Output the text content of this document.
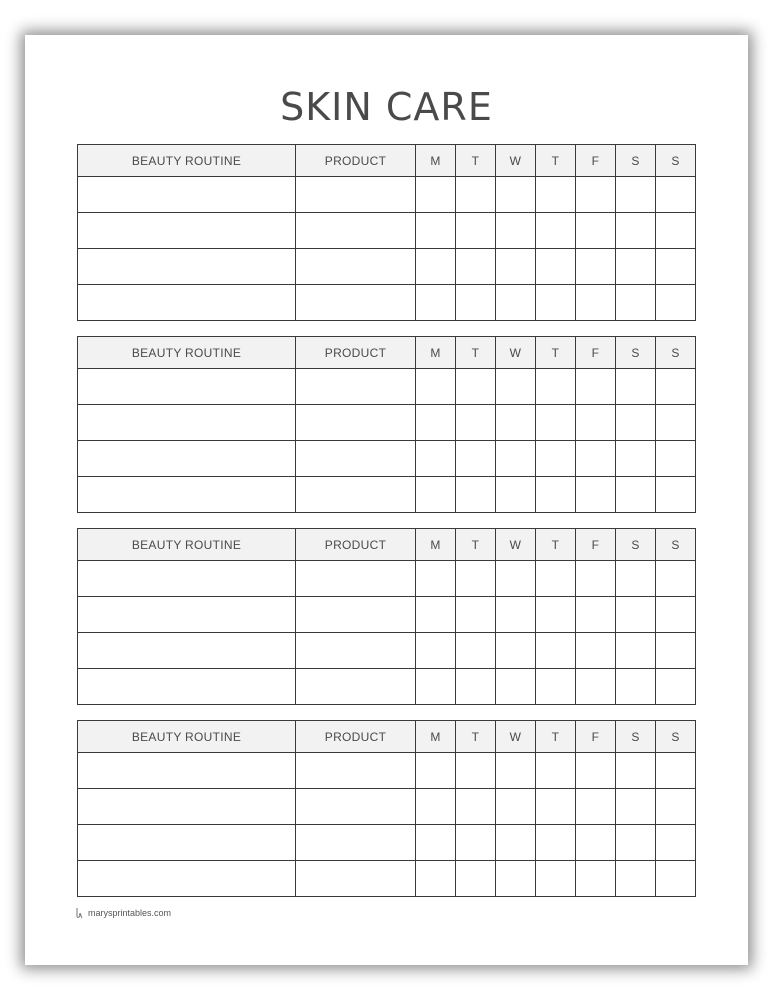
SKIN CARE
BEAUTY ROUTINE	PRODUCT	M	T	W	T	F	S	S

BEAUTY ROUTINE	PRODUCT	M	T	W	T	F	S	S

BEAUTY ROUTINE	PRODUCT	M	T	W	T	F	S	S

BEAUTY ROUTINE	PRODUCT	M	T	W	T	F	S	S

marysprintables.com
